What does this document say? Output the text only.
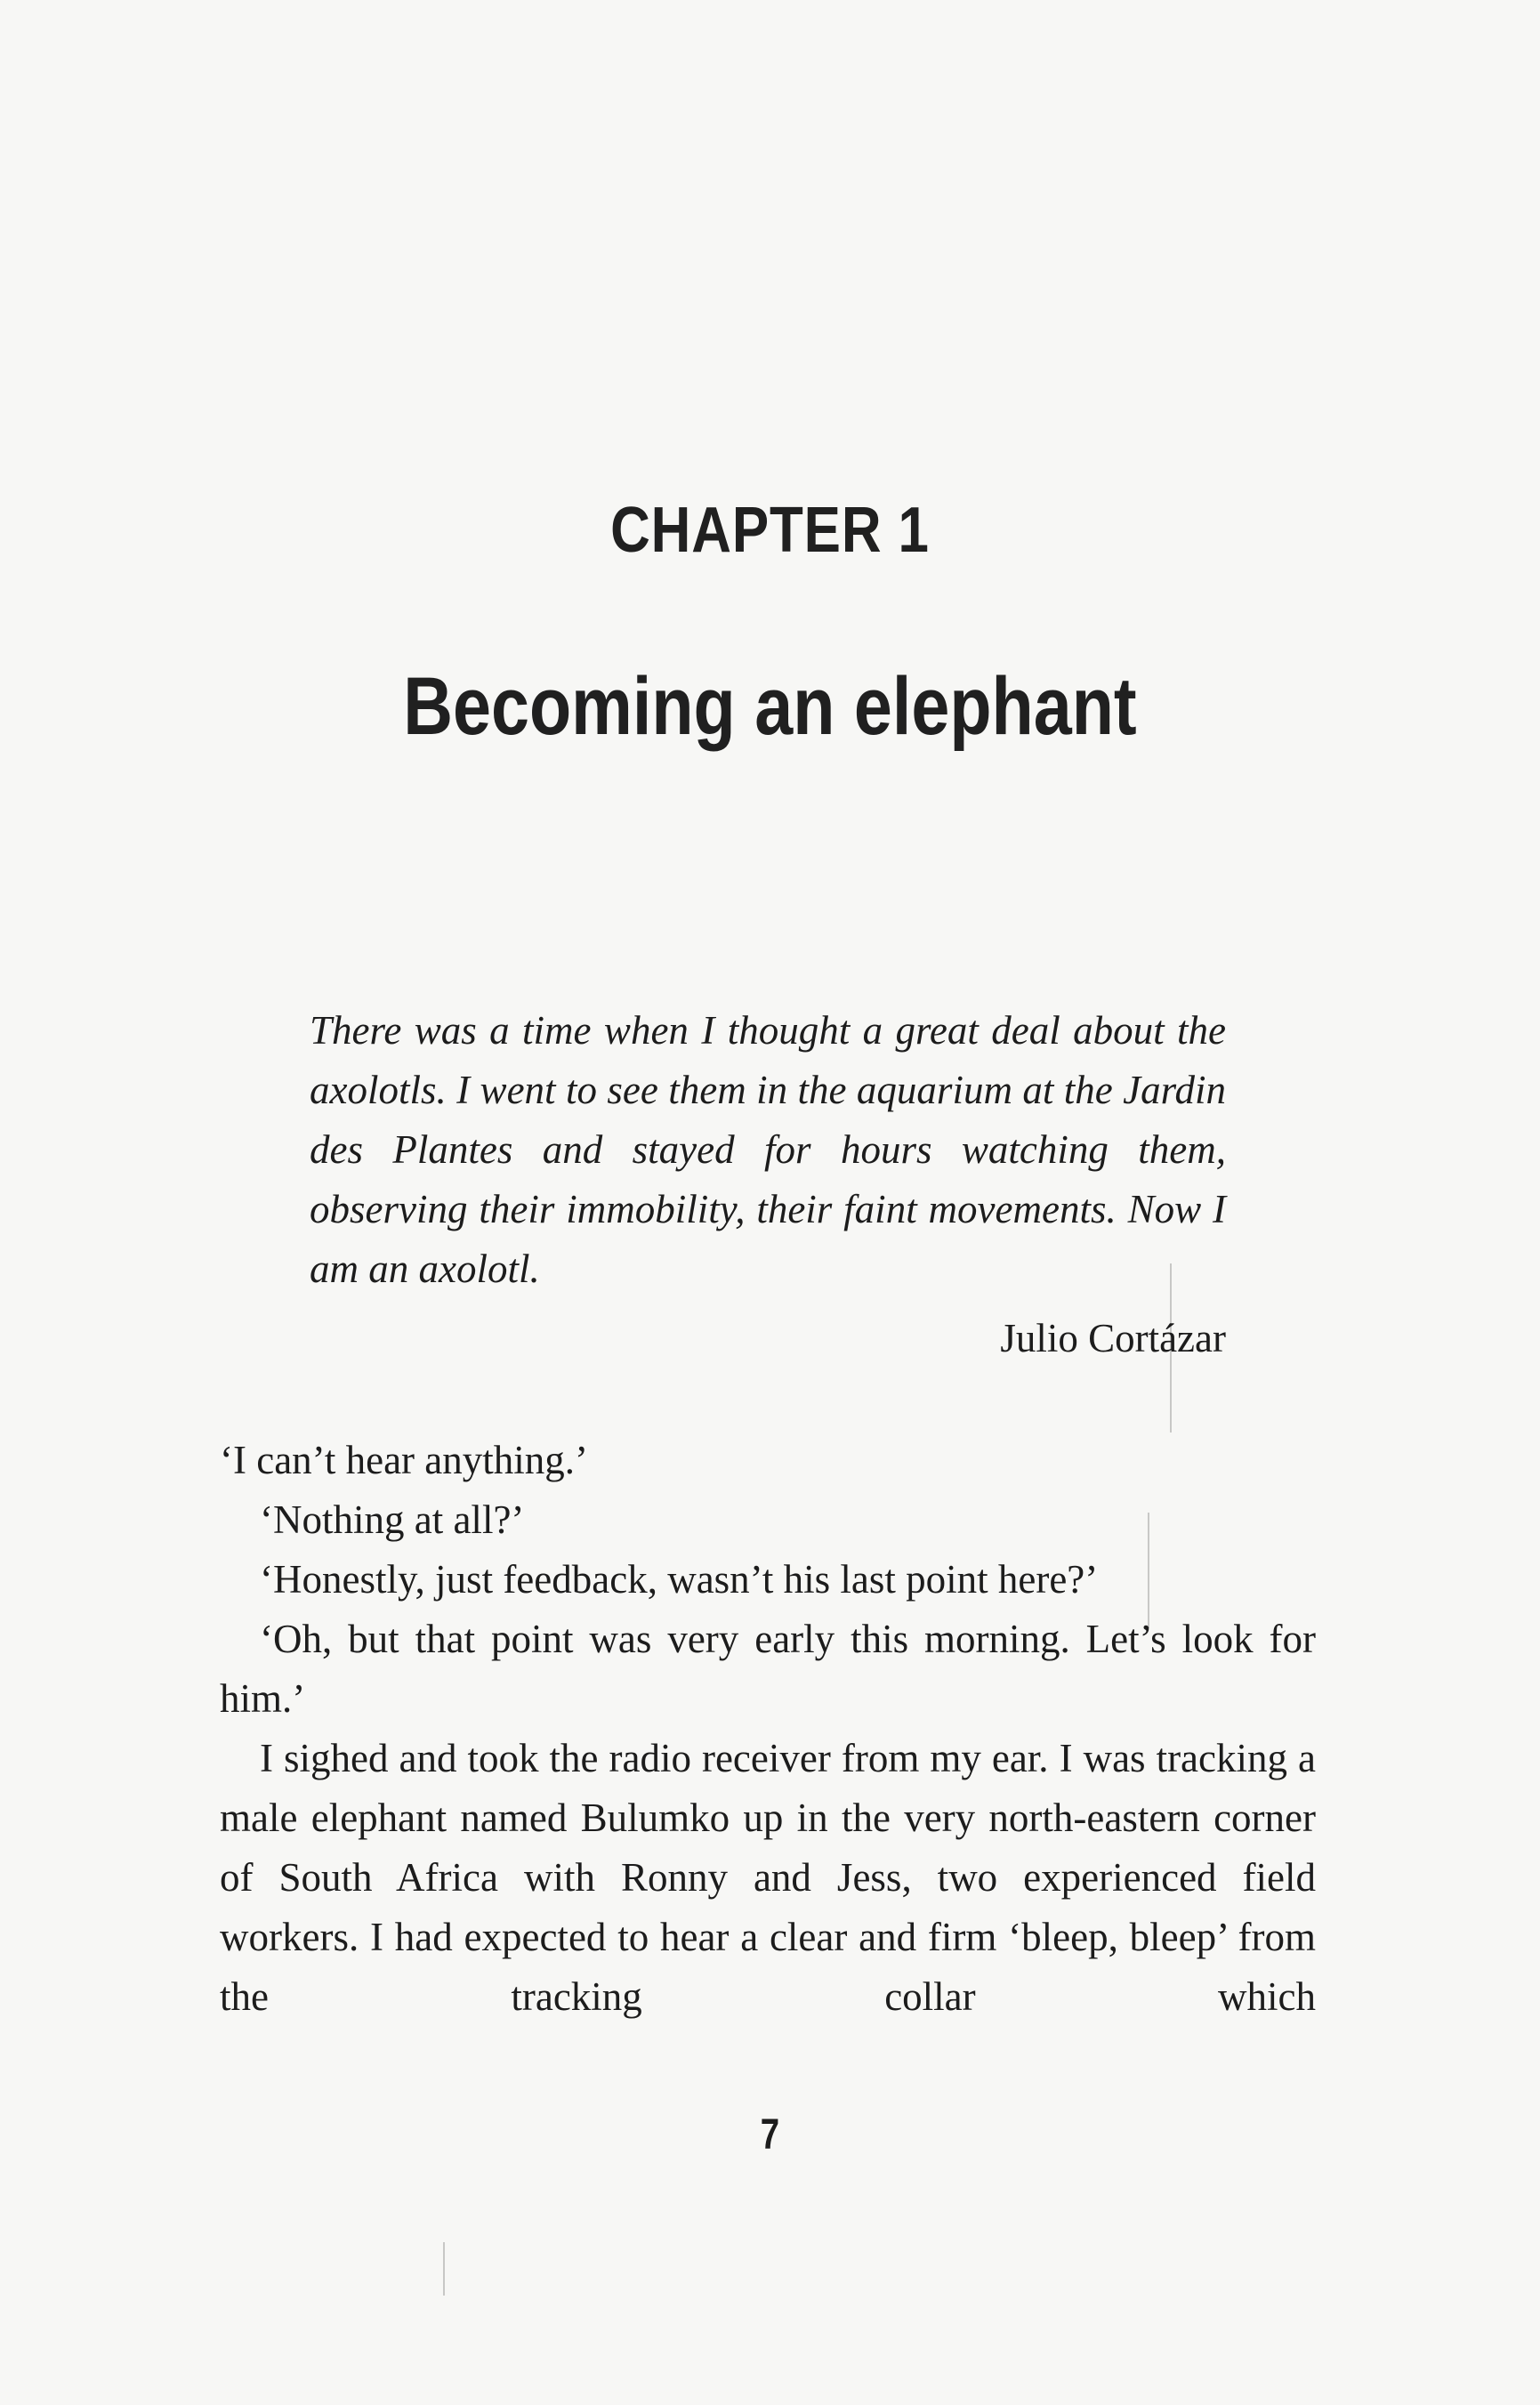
CHAPTER 1
Becoming an elephant
There was a time when I thought a great deal about the axolotls. I went to see them in the aquarium at the Jardin des Plantes and stayed for hours watching them, observing their immobility, their faint movements. Now I am an axolotl.
Julio Cortázar

‘I can’t hear anything.’

‘Nothing at all?’

‘Honestly, just feedback, wasn’t his last point here?’

‘Oh, but that point was very early this morning. Let’s look for him.’

I sighed and took the radio receiver from my ear. I was tracking a male elephant named Bulumko up in the very north-eastern corner of South Africa with Ronny and Jess, two experienced field workers. I had expected to hear a clear and firm ‘bleep, bleep’ from the tracking collar which

7
